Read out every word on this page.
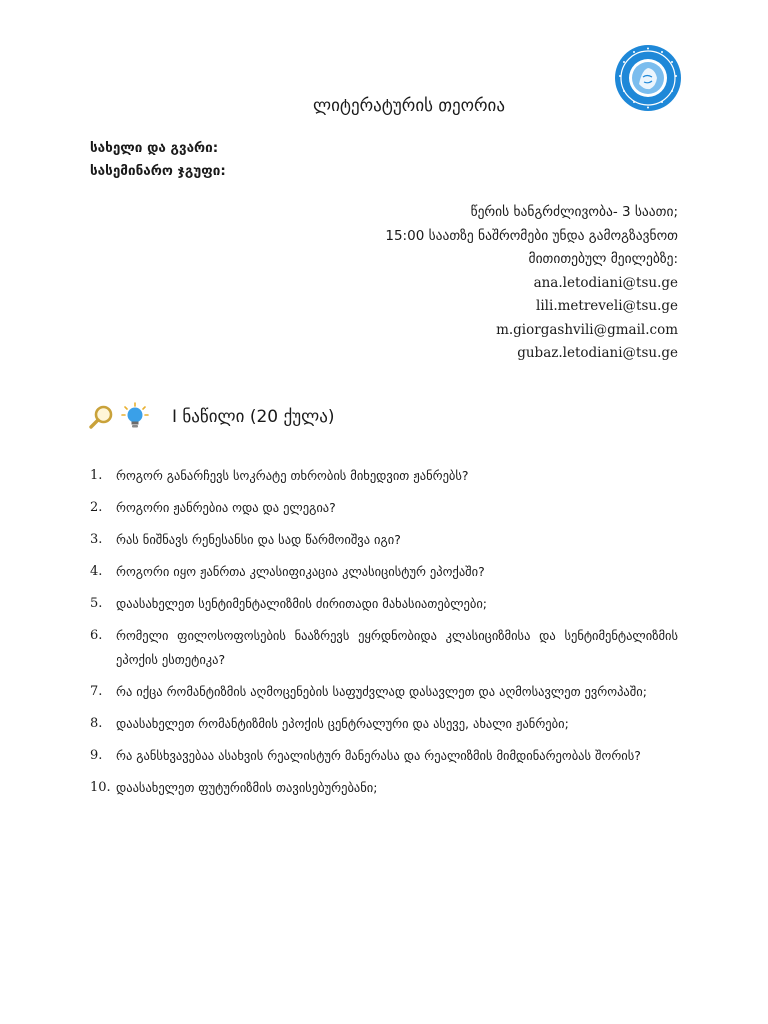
ლიტერატურის თეორია
სახელი და გვარი:
სასემინარო ჯგუფი:
წერის ხანგრძლივობა- 3 საათი;
15:00 საათზე ნაშრომები უნდა გამოგზავნოთ
მითითებულ მეილებზე:
ana.letodiani@tsu.ge
lili.metreveli@tsu.ge
m.giorgashvili@gmail.com
gubaz.letodiani@tsu.ge
I ნაწილი (20 ქულა)
1.	როგორ განარჩევს სოკრატე თხრობის მიხედვით ჟანრებს?
2.	როგორი ჟანრებია ოდა და ელეგია?
3.	რას ნიშნავს რენესანსი და სად წარმოიშვა იგი?
4.	როგორი იყო ჟანრთა კლასიფიკაცია კლასიცისტურ ეპოქაში?
5.	დაასახელეთ სენტიმენტალიზმის ძირითადი მახასიათებლები;
6.	რომელი ფილოსოფოსების ნააზრევს ეყრდნობიდა კლასიციზმისა და სენტიმენტალიზმის ეპოქის ესთეტიკა?
7.	რა იქცა რომანტიზმის აღმოცენების საფუძვლად დასავლეთ და აღმოსავლეთ ევროპაში;
8.	დაასახელეთ რომანტიზმის ეპოქის ცენტრალური და ასევე, ახალი ჟანრები;
9.	რა განსხვავებაა ასახვის რეალისტურ მანერასა და რეალიზმის მიმდინარეობას შორის?
10. დაასახელეთ ფუტურიზმის თავისებურებანი;
